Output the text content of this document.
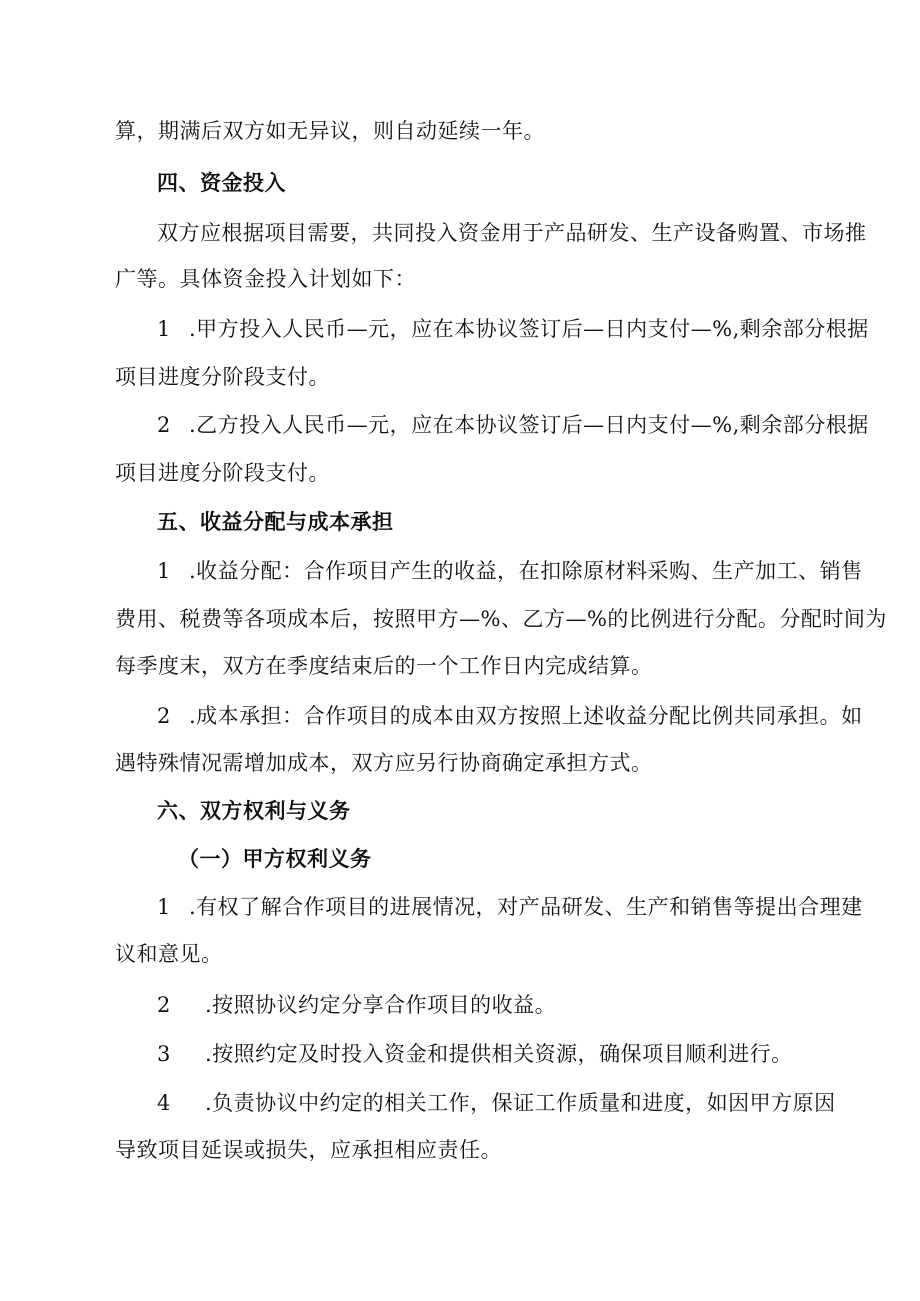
算，期满后双方如无异议，则自动延续一年。
四、资金投入
双方应根据项目需要，共同投入资金用于产品研发、生产设备购置、市场推
广等。具体资金投入计划如下：
1 .甲方投入人民币—元，应在本协议签订后—日内支付—%,剩余部分根据
项目进度分阶段支付。
2 .乙方投入人民币—元，应在本协议签订后—日内支付—%,剩余部分根据
项目进度分阶段支付。
五、收益分配与成本承担
1 .收益分配：合作项目产生的收益，在扣除原材料采购、生产加工、销售
费用、税费等各项成本后，按照甲方—%、乙方—%的比例进行分配。分配时间为
每季度末，双方在季度结束后的一个工作日内完成结算。
2 .成本承担：合作项目的成本由双方按照上述收益分配比例共同承担。如
遇特殊情况需增加成本，双方应另行协商确定承担方式。
六、双方权利与义务
（一）甲方权利义务
1 .有权了解合作项目的进展情况，对产品研发、生产和销售等提出合理建
议和意见。
2 .按照协议约定分享合作项目的收益。
3 .按照约定及时投入资金和提供相关资源，确保项目顺利进行。
4 .负责协议中约定的相关工作，保证工作质量和进度，如因甲方原因
导致项目延误或损失，应承担相应责任。
